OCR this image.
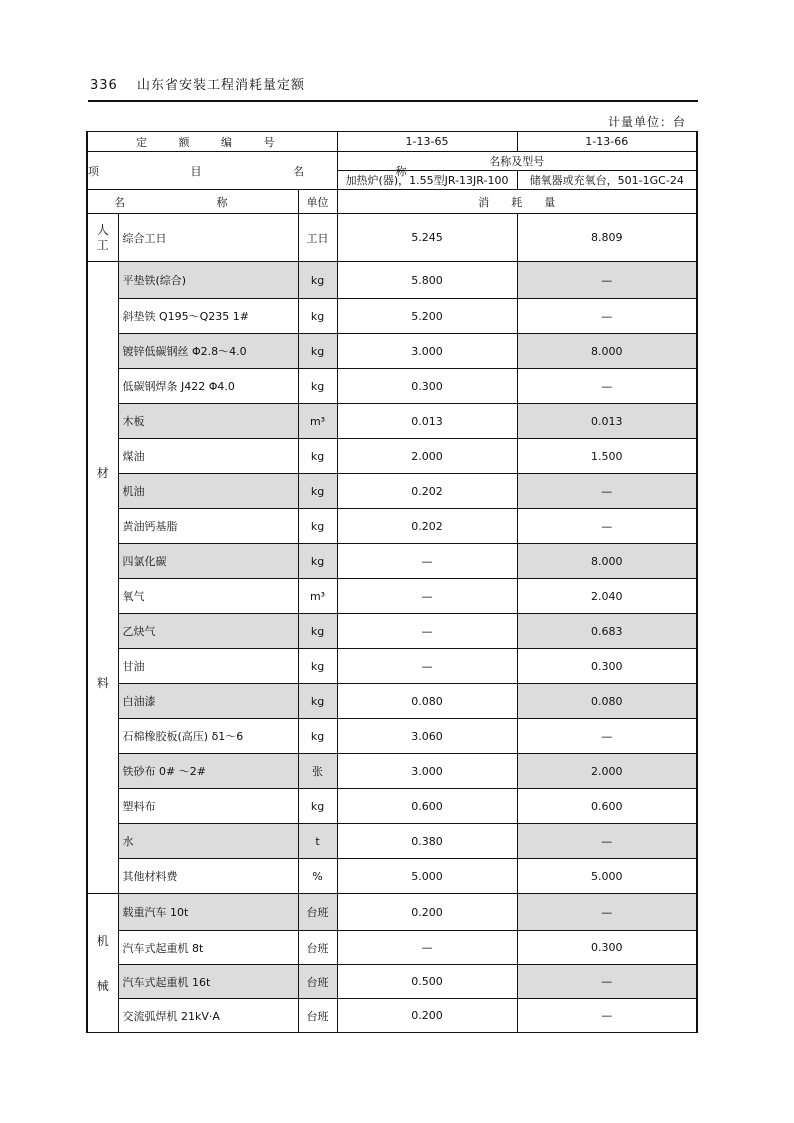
336 山东省安装工程消耗量定额
计量单位：台
定 额 编 号			1-13-65	1-13-66
项 目 名 称			名称及型号	
			加热炉(器)，1.55型JR-13JR-100	储氧器或充氧台，501-1GC-24
名 称		单位	消　　耗　　量	
人工	综合工日	工日	5.245	8.809

材
料	平垫铁(综合)	kg	5.800	—
	斜垫铁 Q195～Q235 1#	kg	5.200	—
	镀锌低碳钢丝 Φ2.8～4.0	kg	3.000	8.000
	低碳钢焊条 J422 Φ4.0	kg	0.300	—
	木板	m³	0.013	0.013
	煤油	kg	2.000	1.500
	机油	kg	0.202	—
	黄油钙基脂	kg	0.202	—
	四氯化碳	kg	—	8.000
	氧气	m³	—	2.040
	乙炔气	kg	—	0.683
	甘油	kg	—	0.300
	白油漆	kg	0.080	0.080
	石棉橡胶板(高压) δ1～6	kg	3.060	—
	铁砂布 0# ～2#	张	3.000	2.000
	塑料布	kg	0.600	0.600
	水	t	0.380	—
	其他材料费	%	5.000	5.000

机
械	载重汽车 10t	台班	0.200	—
	汽车式起重机 8t	台班	—	0.300
	汽车式起重机 16t	台班	0.500	—
	交流弧焊机 21kV·A	台班	0.200	—
